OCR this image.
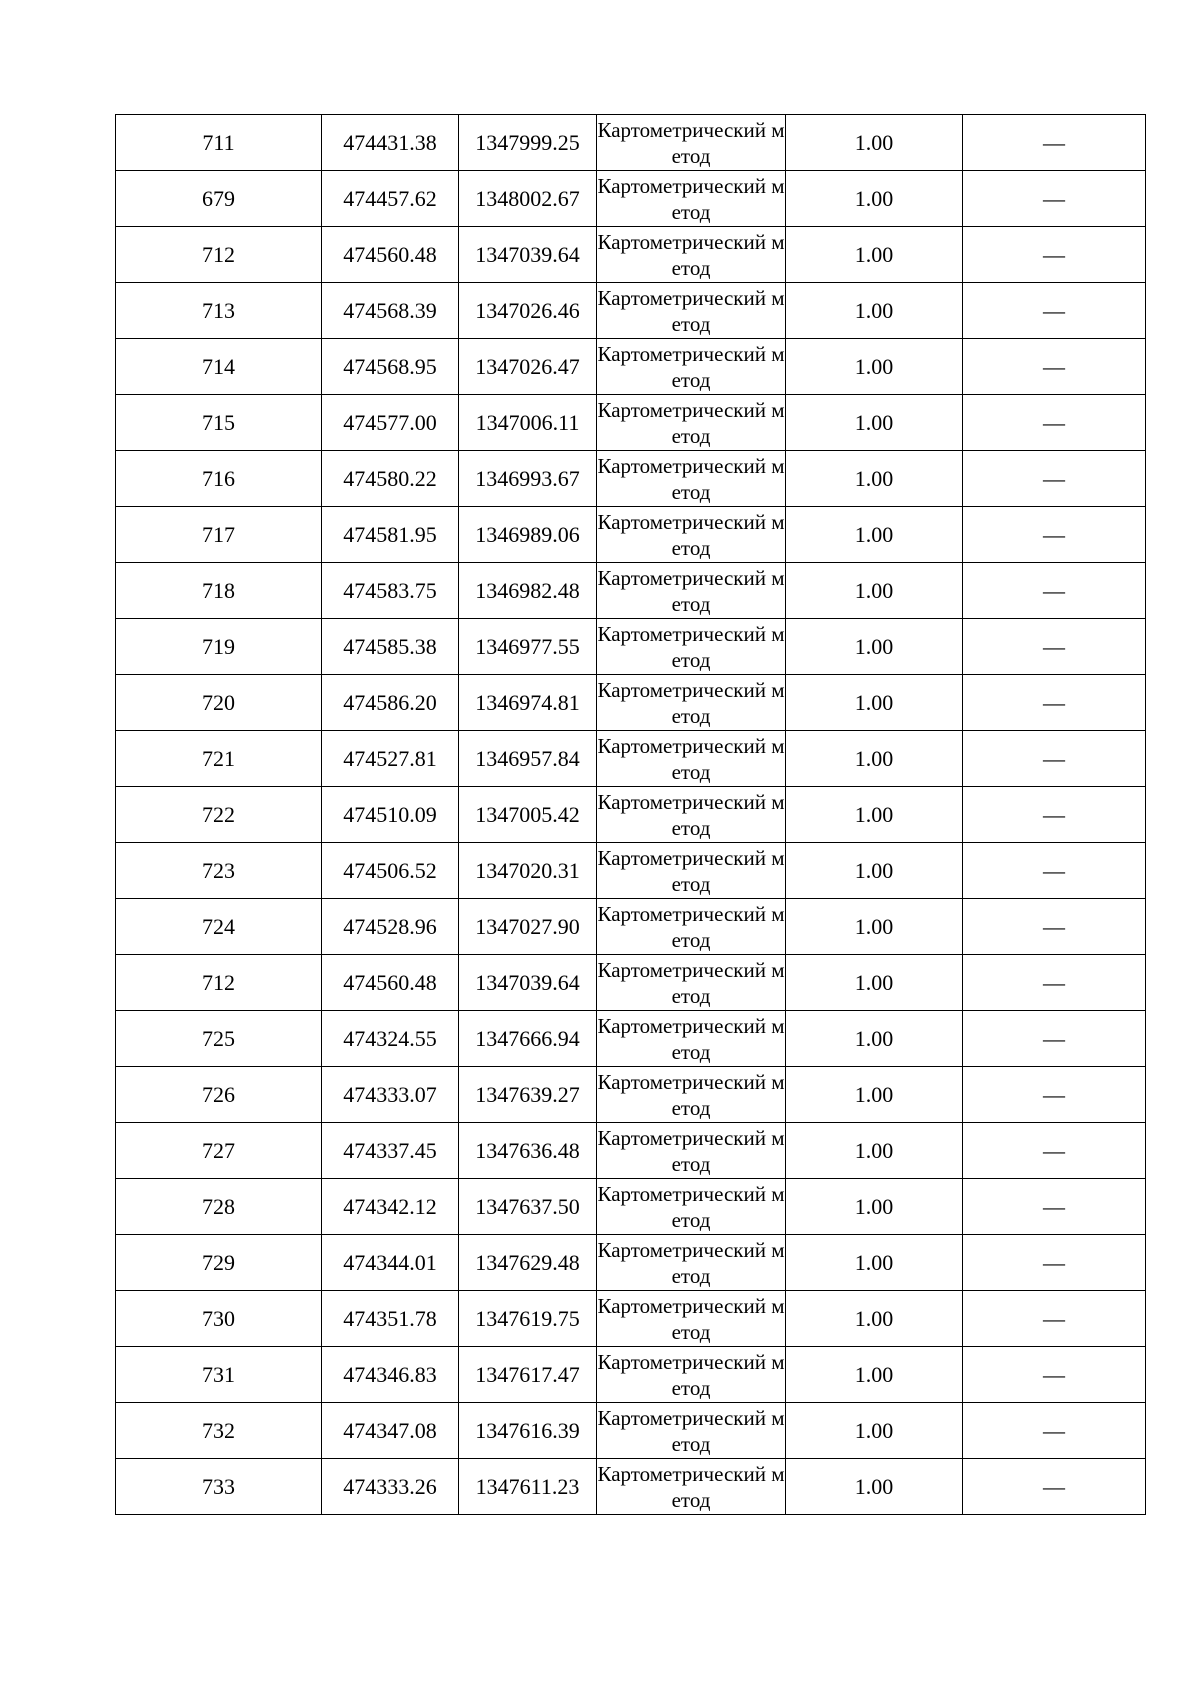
711	474431.38	1347999.25	Картометрический метод	1.00	—
679	474457.62	1348002.67	Картометрический метод	1.00	—
712	474560.48	1347039.64	Картометрический метод	1.00	—
713	474568.39	1347026.46	Картометрический метод	1.00	—
714	474568.95	1347026.47	Картометрический метод	1.00	—
715	474577.00	1347006.11	Картометрический метод	1.00	—
716	474580.22	1346993.67	Картометрический метод	1.00	—
717	474581.95	1346989.06	Картометрический метод	1.00	—
718	474583.75	1346982.48	Картометрический метод	1.00	—
719	474585.38	1346977.55	Картометрический метод	1.00	—
720	474586.20	1346974.81	Картометрический метод	1.00	—
721	474527.81	1346957.84	Картометрический метод	1.00	—
722	474510.09	1347005.42	Картометрический метод	1.00	—
723	474506.52	1347020.31	Картометрический метод	1.00	—
724	474528.96	1347027.90	Картометрический метод	1.00	—
712	474560.48	1347039.64	Картометрический метод	1.00	—
725	474324.55	1347666.94	Картометрический метод	1.00	—
726	474333.07	1347639.27	Картометрический метод	1.00	—
727	474337.45	1347636.48	Картометрический метод	1.00	—
728	474342.12	1347637.50	Картометрический метод	1.00	—
729	474344.01	1347629.48	Картометрический метод	1.00	—
730	474351.78	1347619.75	Картометрический метод	1.00	—
731	474346.83	1347617.47	Картометрический метод	1.00	—
732	474347.08	1347616.39	Картометрический метод	1.00	—
733	474333.26	1347611.23	Картометрический метод	1.00	—
